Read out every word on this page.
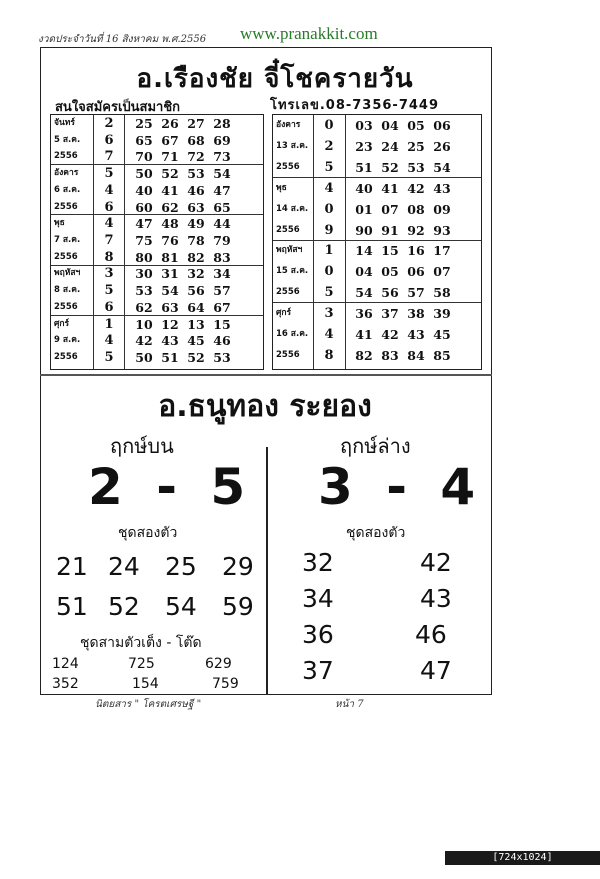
งวดประจำวันที่ 16 สิงหาคม พ.ศ.2556 www.pranakkit.com
อ.เรืองชัย จี๋โชครายวัน
สนใจสมัครเป็นสมาชิก	โทรเลข.08-7356-7449
จันทร์	2	25 26 27 28
5 ส.ค.	6	65 67 68 69
2556	7	70 71 72 73
อังคาร	5	50 52 53 54
6 ส.ค.	4	40 41 46 47
2556	6	60 62 63 65
พุธ	4	47 48 49 44
7 ส.ค.	7	75 76 78 79
2556	8	80 81 82 83
พฤหัสฯ	3	30 31 32 34
8 ส.ค.	5	53 54 56 57
2556	6	62 63 64 67
ศุกร์	1	10 12 13 15
9 ส.ค.	4	42 43 45 46
2556	5	50 51 52 53
อังคาร	0	03 04 05 06
13 ส.ค.	2	23 24 25 26
2556	5	51 52 53 54
พุธ	4	40 41 42 43
14 ส.ค.	0	01 07 08 09
2556	9	90 91 92 93
พฤหัสฯ	1	14 15 16 17
15 ส.ค.	0	04 05 06 07
2556	5	54 56 57 58
ศุกร์	3	36 37 38 39
16 ส.ค.	4	41 42 43 45
2556	8	82 83 84 85
อ.ธนูทอง ระยอง
ฤกษ์บน	ฤกษ์ล่าง
2 - 5 3 - 4
ชุดสองตัว	ชุดสองตัว
21 24 25 29
51 52 54 59
32	42
34	43
36	46
37	47
ชุดสามตัวเต็ง - โต๊ด
124	725	629
352	154	759
นิตยสาร " โครตเศรษฐี "	หน้า 7
[724x1024] https://upic.me/
